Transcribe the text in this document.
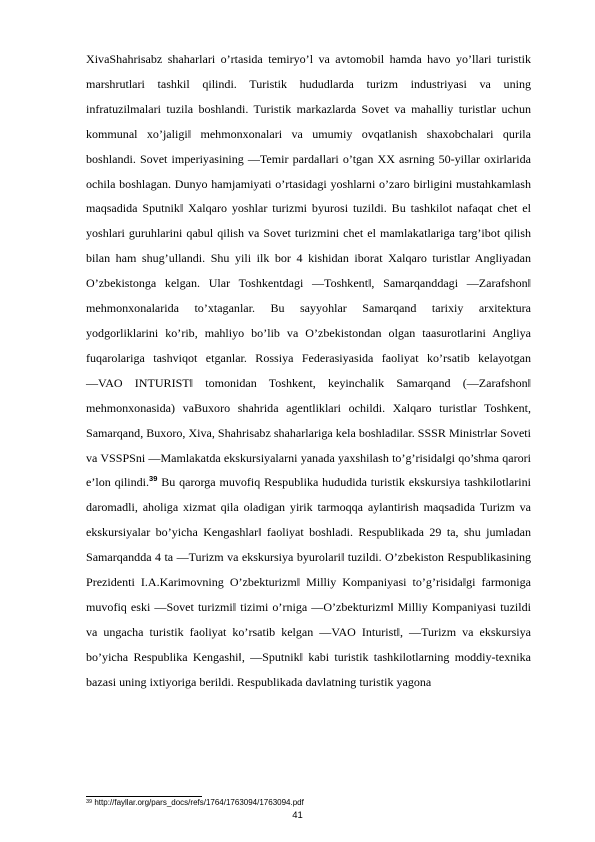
XivaShahrisabz shaharlari o’rtasida temiryo’l va avtomobil hamda havo yo’llari turistik marshrutlari tashkil qilindi. Turistik hududlarda turizm industriyasi va uning infratuzilmalari tuzila boshlandi. Turistik markazlarda Sovet va mahalliy turistlar uchun kommunal xo’jaligi‖ mehmonxonalari va umumiy ovqatlanish shaxobchalari qurila boshlandi. Sovet imperiyasining ―Temir parda‖lari o’tgan XX asrning 50-yillar oxirlarida ochila boshlagan. Dunyo hamjamiyati o’rtasidagi yoshlarni o’zaro birligini mustahkamlash maqsadida Sputnik‖ Xalqaro yoshlar turizmi byurosi tuzildi. Bu tashkilot nafaqat chet el yoshlari guruhlarini qabul qilish va Sovet turizmini chet el mamlakatlariga targ’ibot qilish bilan ham shug’ullandi. Shu yili ilk bor 4 kishidan iborat Xalqaro turistlar Angliyadan O’zbekistonga kelgan. Ular Toshkentdagi ―Toshkent‖, Samarqanddagi ―Zarafshon‖ mehmonxonalarida to’xtaganlar. Bu sayyohlar Samarqand tarixiy arxitektura yodgorliklarini ko’rib, mahliyo bo’lib va O’zbekistondan olgan taasurotlarini Angliya fuqarolariga tashviqot etganlar. Rossiya Federasiyasida faoliyat ko’rsatib kelayotgan ―VAO INTURIST‖ tomonidan Toshkent, keyinchalik Samarqand (―Zarafshon‖ mehmonxonasida) vaBuxoro shahrida agentliklari ochildi. Xalqaro turistlar Toshkent, Samarqand, Buxoro, Xiva, Shahrisabz shaharlariga kela boshladilar. SSSR Ministrlar Soveti va VSSPSni ―Mamlakatda ekskursiyalarni yanada yaxshilash to’g’risida‖gi qo’shma qarori e’lon qilindi.$^{39}$ Bu qarorga muvofiq Respublika hududida turistik ekskursiya tashkilotlarini daromadli, aholiga xizmat qila oladigan yirik tarmoqqa aylantirish maqsadida Turizm va ekskursiyalar bo’yicha Kengashlar‖ faoliyat boshladi. Respublikada 29 ta, shu jumladan Samarqandda 4 ta ―Turizm va ekskursiya byurolari‖ tuzildi. O’zbekiston Respublikasining Prezidenti I.A.Karimovning O’zbekturizm‖ Milliy Kompaniyasi to’g’risida‖gi farmoniga muvofiq eski ―Sovet turizmi‖ tizimi o’rniga ―O’zbekturizm‖ Milliy Kompaniyasi tuzildi va ungacha turistik faoliyat ko’rsatib kelgan ―VAO Inturist‖, ―Turizm va ekskursiya bo’yicha Respublika Kengashi‖, ―Sputnik‖ kabi turistik tashkilotlarning moddiy-texnika bazasi uning ixtiyoriga berildi. Respublikada davlatning turistik yagona

$^{39}$ http://fayllar.org/pars_docs/refs/1764/1763094/1763094.pdf
41
